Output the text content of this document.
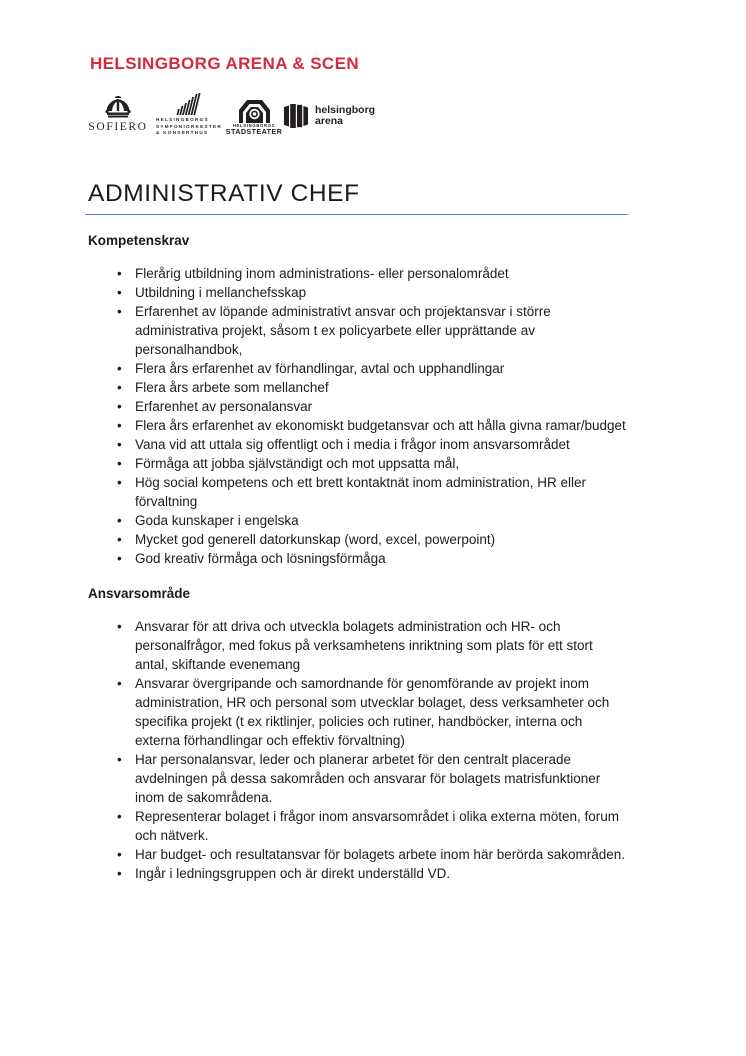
HELSINGBORG ARENA & SCEN
SOFIERO
HELSINGBORGS
SYMFONIORKESTER
& KONSERTHUS
HELSINGBORGS
STADSTEATER
helsingborg
arena
ADMINISTRATIV CHEF
Kompetenskrav
• Flerårig utbildning inom administrations- eller personalområdet
• Utbildning i mellanchefsskap
• Erfarenhet av löpande administrativt ansvar och projektansvar i större administrativa projekt, såsom t ex policyarbete eller upprättande av personalhandbok,
• Flera års erfarenhet av förhandlingar, avtal och upphandlingar
• Flera års arbete som mellanchef
• Erfarenhet av personalansvar
• Flera års erfarenhet av ekonomiskt budgetansvar och att hålla givna ramar/budget
• Vana vid att uttala sig offentligt och i media i frågor inom ansvarsområdet
• Förmåga att jobba självständigt och mot uppsatta mål,
• Hög social kompetens och ett brett kontaktnät inom administration, HR eller förvaltning
• Goda kunskaper i engelska
• Mycket god generell datorkunskap (word, excel, powerpoint)
• God kreativ förmåga och lösningsförmåga
Ansvarsområde
• Ansvarar för att driva och utveckla bolagets administration och HR- och personalfrågor, med fokus på verksamhetens inriktning som plats för ett stort antal, skiftande evenemang
• Ansvarar övergripande och samordnande för genomförande av projekt inom administration, HR och personal som utvecklar bolaget, dess verksamheter och specifika projekt (t ex riktlinjer, policies och rutiner, handböcker, interna och externa förhandlingar och effektiv förvaltning)
• Har personalansvar, leder och planerar arbetet för den centralt placerade avdelningen på dessa sakområden och ansvarar för bolagets matrisfunktioner inom de sakområdena.
• Representerar bolaget i frågor inom ansvarsområdet i olika externa möten, forum och nätverk.
• Har budget- och resultatansvar för bolagets arbete inom här berörda sakområden.
• Ingår i ledningsgruppen och är direkt underställd VD.
